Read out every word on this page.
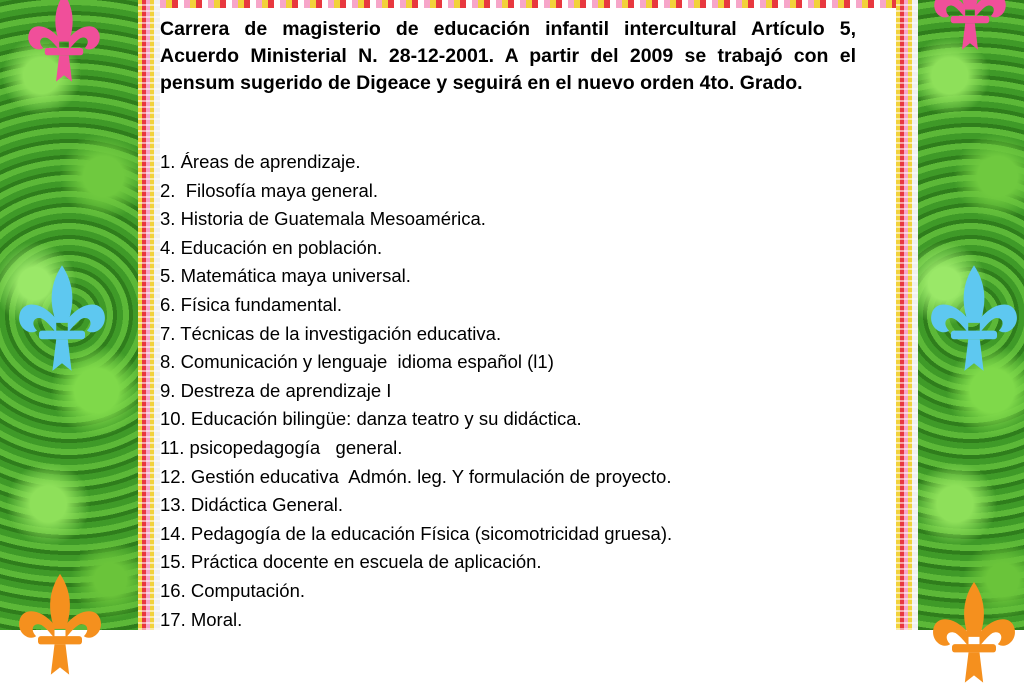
Carrera de magisterio de educación infantil intercultural Artículo 5, Acuerdo Ministerial N. 28-12-2001. A partir del 2009 se trabajó con el pensum sugerido de Digeace y seguirá en el nuevo orden 4to. Grado.

1. Áreas de aprendizaje.
2.  Filosofía maya general.
3. Historia de Guatemala Mesoamérica.
4. Educación en población.
5. Matemática maya universal.
6. Física fundamental.
7. Técnicas de la investigación educativa.
8. Comunicación y lenguaje  idioma español (l1)
9. Destreza de aprendizaje I
10. Educación bilingüe: danza teatro y su didáctica.
11. psicopedagogía   general.
12. Gestión educativa  Admón. leg. Y formulación de proyecto.
13. Didáctica General.
14. Pedagogía de la educación Física (sicomotricidad gruesa).
15. Práctica docente en escuela de aplicación.
16. Computación.
17. Moral.
